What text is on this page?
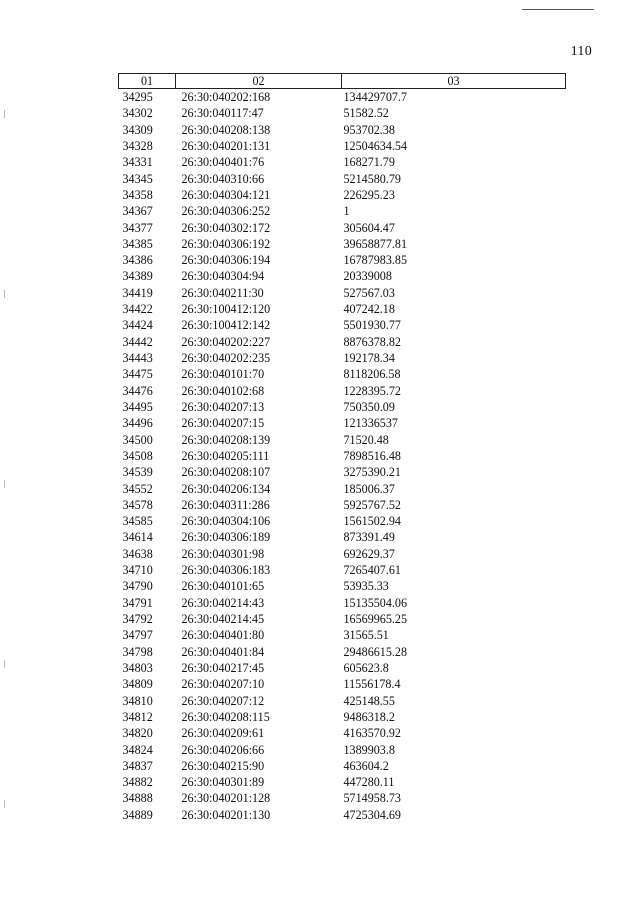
110
01	02	03
34295	26:30:040202:168	134429707.7
34302	26:30:040117:47	51582.52
34309	26:30:040208:138	953702.38
34328	26:30:040201:131	12504634.54
34331	26:30:040401:76	168271.79
34345	26:30:040310:66	5214580.79
34358	26:30:040304:121	226295.23
34367	26:30:040306:252	1
34377	26:30:040302:172	305604.47
34385	26:30:040306:192	39658877.81
34386	26:30:040306:194	16787983.85
34389	26:30:040304:94	20339008
34419	26:30:040211:30	527567.03
34422	26:30:100412:120	407242.18
34424	26:30:100412:142	5501930.77
34442	26:30:040202:227	8876378.82
34443	26:30:040202:235	192178.34
34475	26:30:040101:70	8118206.58
34476	26:30:040102:68	1228395.72
34495	26:30:040207:13	750350.09
34496	26:30:040207:15	121336537
34500	26:30:040208:139	71520.48
34508	26:30:040205:111	7898516.48
34539	26:30:040208:107	3275390.21
34552	26:30:040206:134	185006.37
34578	26:30:040311:286	5925767.52
34585	26:30:040304:106	1561502.94
34614	26:30:040306:189	873391.49
34638	26:30:040301:98	692629.37
34710	26:30:040306:183	7265407.61
34790	26:30:040101:65	53935.33
34791	26:30:040214:43	15135504.06
34792	26:30:040214:45	16569965.25
34797	26:30:040401:80	31565.51
34798	26:30:040401:84	29486615.28
34803	26:30:040217:45	605623.8
34809	26:30:040207:10	11556178.4
34810	26:30:040207:12	425148.55
34812	26:30:040208:115	9486318.2
34820	26:30:040209:61	4163570.92
34824	26:30:040206:66	1389903.8
34837	26:30:040215:90	463604.2
34882	26:30:040301:89	447280.11
34888	26:30:040201:128	5714958.73
34889	26:30:040201:130	4725304.69
